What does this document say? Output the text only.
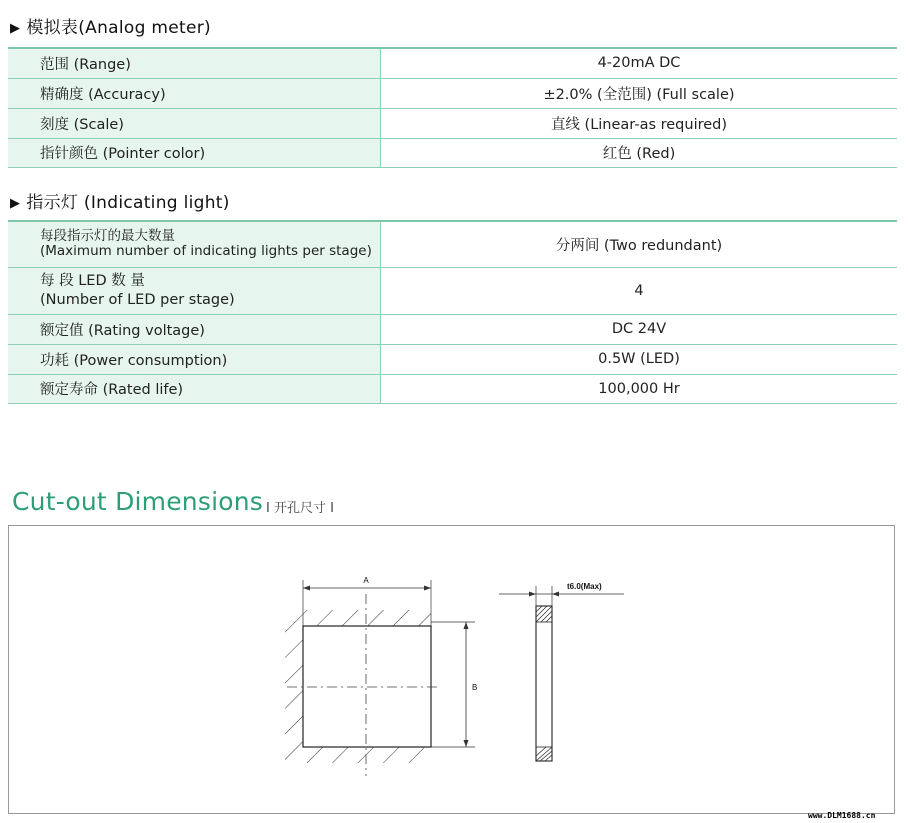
▶ 模拟表(Analog meter)
范围 (Range)	4-20mA DC
精确度 (Accuracy)	±2.0% (全范围) (Full scale)
刻度 (Scale)	直线 (Linear-as required)
指针颜色 (Pointer color)	红色 (Red)
▶ 指示灯 (Indicating light)
每段指示灯的最大数量
(Maximum number of indicating lights per stage)	分两间 (Two redundant)

每 段 LED 数 量
(Number of LED per stage)	4
额定值 (Rating voltage)	DC 24V
功耗 (Power consumption)	0.5W (LED)
额定寿命 (Rated life)	100,000 Hr
Cut-out Dimensions I 开孔尺寸 I
A
B
t6.0(Max)
www.DLM1688.cn
